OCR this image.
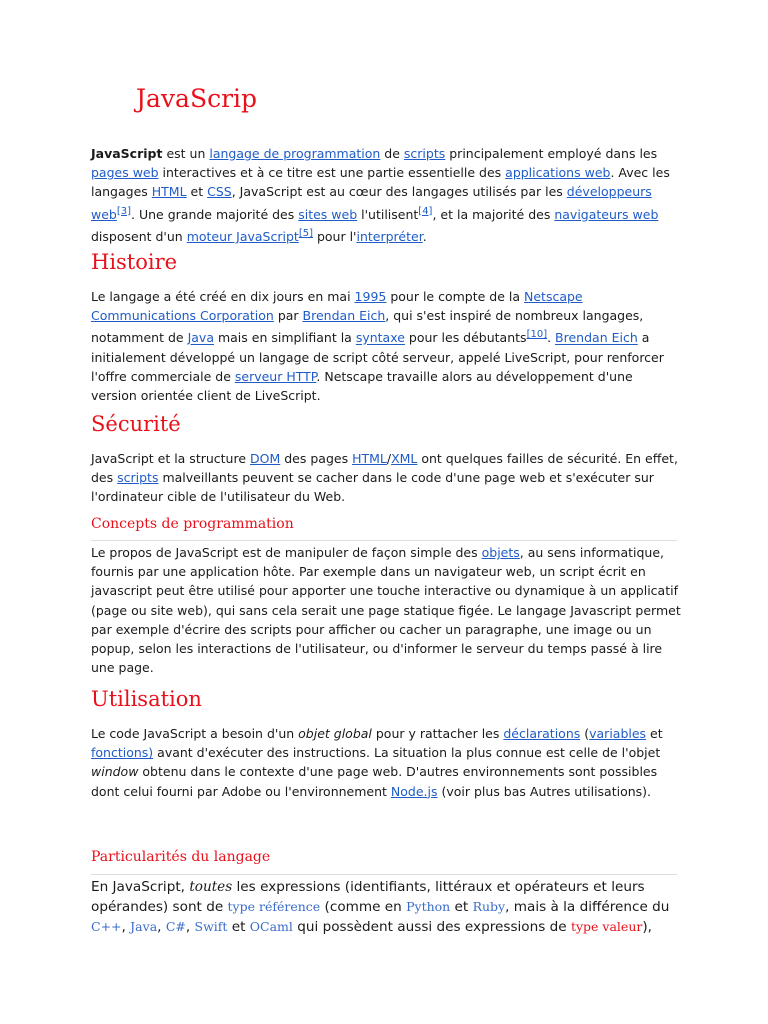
JavaScrip

JavaScript est un langage de programmation de scripts principalement employé dans les pages web interactives et à ce titre est une partie essentielle des applications web. Avec les langages HTML et CSS, JavaScript est au cœur des langages utilisés par les développeurs web[3]. Une grande majorité des sites web l'utilisent[4], et la majorité des navigateurs web disposent d'un moteur JavaScript[5] pour l'interpréter.

Histoire

Le langage a été créé en dix jours en mai 1995 pour le compte de la Netscape Communications Corporation par Brendan Eich, qui s'est inspiré de nombreux langages, notamment de Java mais en simplifiant la syntaxe pour les débutants[10]. Brendan Eich a initialement développé un langage de script côté serveur, appelé LiveScript, pour renforcer l'offre commerciale de serveur HTTP. Netscape travaille alors au développement d'une version orientée client de LiveScript.

Sécurité

JavaScript et la structure DOM des pages HTML/XML ont quelques failles de sécurité. En effet, des scripts malveillants peuvent se cacher dans le code d'une page web et s'exécuter sur l'ordinateur cible de l'utilisateur du Web.

Concepts de programmation

Le propos de JavaScript est de manipuler de façon simple des objets, au sens informatique, fournis par une application hôte. Par exemple dans un navigateur web, un script écrit en javascript peut être utilisé pour apporter une touche interactive ou dynamique à un applicatif (page ou site web), qui sans cela serait une page statique figée. Le langage Javascript permet par exemple d'écrire des scripts pour afficher ou cacher un paragraphe, une image ou un popup, selon les interactions de l'utilisateur, ou d'informer le serveur du temps passé à lire une page.

Utilisation

Le code JavaScript a besoin d'un objet global pour y rattacher les déclarations (variables et fonctions) avant d'exécuter des instructions. La situation la plus connue est celle de l'objet window obtenu dans le contexte d'une page web. D'autres environnements sont possibles dont celui fourni par Adobe ou l'environnement Node.js (voir plus bas Autres utilisations).

Particularités du langage

En JavaScript, toutes les expressions (identifiants, littéraux et opérateurs et leurs opérandes) sont de type référence (comme en Python et Ruby, mais à la différence du C++, Java, C#, Swift et OCaml qui possèdent aussi des expressions de type valeur),
